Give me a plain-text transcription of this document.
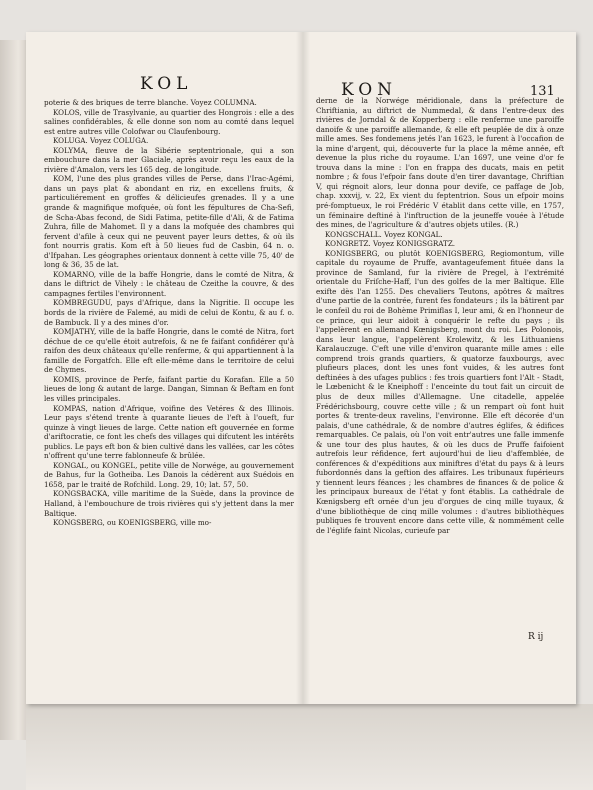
KOL	KON	131

poterie & des briques de terre blanche. Voyez COLUMNA.

KOLOS, ville de Trasylvanie, au quartier des Hongrois : elle a des salines confidérables, & elle donne son nom au comté dans lequel est entre autres ville Colofwar ou Claufenbourg.

KOLUGA. Voyez COLUGA.

KOLYMA, fleuve de la Sibérie septentrionale, qui a son embouchure dans la mer Glaciale, après avoir reçu les eaux de la rivière d'Amalon, vers les 165 deg. de longitude.

KOM, l'une des plus grandes villes de Perse, dans l'Irac-Agémi, dans un pays plat & abondant en riz, en excellens fruits, & particuliérement en groffes & délicieufes grenades. Il y a une grande & magnifique mofquée, où font les fépultures de Cha-Sefi, de Scha-Abas fecond, de Sidi Fatima, petite-fille d'Ali, & de Fatima Zuhra, fille de Mahomet. Il y a dans la mofquée des chambres qui fervent d'afile à ceux qui ne peuvent payer leurs dettes, & où ils font nourris gratis. Kom eft à 50 lieues fud de Casbin, 64 n. o. d'Ifpahan. Les géographes orientaux donnent à cette ville 75, 40' de long & 36, 35 de lat.

KOMARNO, ville de la baffe Hongrie, dans le comté de Nitra, & dans le diftrict de Vihely : le château de Czeithe la couvre, & des campagnes fertiles l'environnent.

KOMBREGUDU, pays d'Afrique, dans la Nigritie. Il occupe les bords de la rivière de Falemé, au midi de celui de Kontu, & au f. o. de Bambuck. Il y a des mines d'or.

KOMJATHY, ville de la baffe Hongrie, dans le comté de Nitra, fort déchue de ce qu'elle étoit autrefois, & ne fe faifant confidérer qu'à raifon des deux châteaux qu'elle renferme, & qui appartiennent à la famille de Forgatfch. Elle eft elle-même dans le territoire de celui de Chymes.

KOMIS, province de Perfe, faifant partie du Korafan. Elle a 50 lieues de long & autant de large. Dangan, Simnan & Beftam en font les villes principales.

KOMPAS, nation d'Afrique, voifine des Vetéres & des Illinois. Leur pays s'étend trente à quarante lieues de l'eft à l'oueft, fur quinze à vingt lieues de large. Cette nation eft gouvernée en forme d'ariftocratie, ce font les chefs des villages qui difcutent les intérêts publics. Le pays eft bon & bien cultivé dans les vallées, car les côtes n'offrent qu'une terre fablonneufe & brûlée.

KONGAL, ou KONGEL, petite ville de Norwége, au gouvernement de Bahus, fur la Gotheiba. Les Danois la cédèrent aux Suédois en 1658, par le traité de Rofchild. Long. 29, 10; lat. 57, 50.

KONGSBACKA, ville maritime de la Suède, dans la province de Halland, à l'embouchure de trois rivières qui s'y jettent dans la mer Baltique.

KONGSBERG, ou KOENIGSBERG, ville mo-

derne de la Norwége méridionale, dans la préfecture de Chriftiania, au diftrict de Nummedal, & dans l'entre-deux des rivières de Jorndal & de Kopperberg : elle renferme une paroiffe danoife & une paroiffe allemande, & elle eft peuplée de dix à onze mille ames. Ses fondemens jetés l'an 1623, le furent à l'occafion de la mine d'argent, qui, découverte fur la place la même année, eft devenue la plus riche du royaume. L'an 1697, une veine d'or fe trouva dans la mine : l'on en frappa des ducats, mais en petit nombre ; & fous l'efpoir fans doute d'en tirer davantage, Chriftian V, qui régnoit alors, leur donna pour devife, ce paffage de Job, chap. xxxvij, v. 22, Ex vient du feptentrion. Sous un efpoir moins pré-fomptueux, le roi Frédéric V établit dans cette ville, en 1757, un féminaire deftiné à l'inftruction de la jeuneffe vouée à l'étude des mines, de l'agriculture & d'autres objets utiles. (R.)

KONGSCHALL. Voyez KONGAL.

KONGRETZ. Voyez KONIGSGRATZ.

KONIGSBERG, ou plutôt KOENIGSBERG, Regiomontum, ville capitale du royaume de Pruffe, avantageufement fituée dans la province de Samland, fur la rivière de Pregel, à l'extrémité orientale du Friſche-Haff, l'un des golfes de la mer Baltique. Elle exifte dès l'an 1255. Des chevaliers Teutons, apôtres & maîtres d'une partie de la contrée, furent fes fondateurs ; ils la bâtirent par le confeil du roi de Bohème Primiflas I, leur ami, & en l'honneur de ce prince, qui leur aidoit à conquérir le refte du pays ; ils l'appelèrent en allemand Kœnigsberg, mont du roi. Les Polonois, dans leur langue, l'appelèrent Krolewitz, & les Lithuaniens Karalauczuge. C'eft une ville d'environ quarante mille ames : elle comprend trois grands quartiers, & quatorze fauxbourgs, avec plufieurs places, dont les unes font vuides, & les autres font deftinées à des ufages publics : fes trois quartiers font l'Alt - Stadt, le Lœbenicht & le Kneiphoff : l'enceinte du tout fait un circuit de plus de deux milles d'Allemagne. Une citadelle, appelée Frédérichsbourg, couvre cette ville ; & un rempart où font huit portes & trente-deux ravelins, l'environne. Elle eft décorée d'un palais, d'une cathédrale, & de nombre d'autres églifes, & édifices remarquables. Ce palais, où l'on voit entr'autres une falle immenfe & une tour des plus hautes, & où les ducs de Pruffe faifoient autrefois leur réfidence, fert aujourd'hui de lieu d'affemblée, de conférences & d'expéditions aux miniftres d'état du pays & à leurs fubordonnés dans la geftion des affaires. Les tribunaux fupérieurs y tiennent leurs féances ; les chambres de finances & de police & les principaux bureaux de l'état y font établis. La cathédrale de Kœnigsberg eft ornée d'un jeu d'orgues de cinq mille tuyaux, & d'une bibliothèque de cinq mille volumes : d'autres bibliothèques publiques fe trouvent encore dans cette ville, & nommément celle de l'églife faint Nicolas, curieufe par

R ij
